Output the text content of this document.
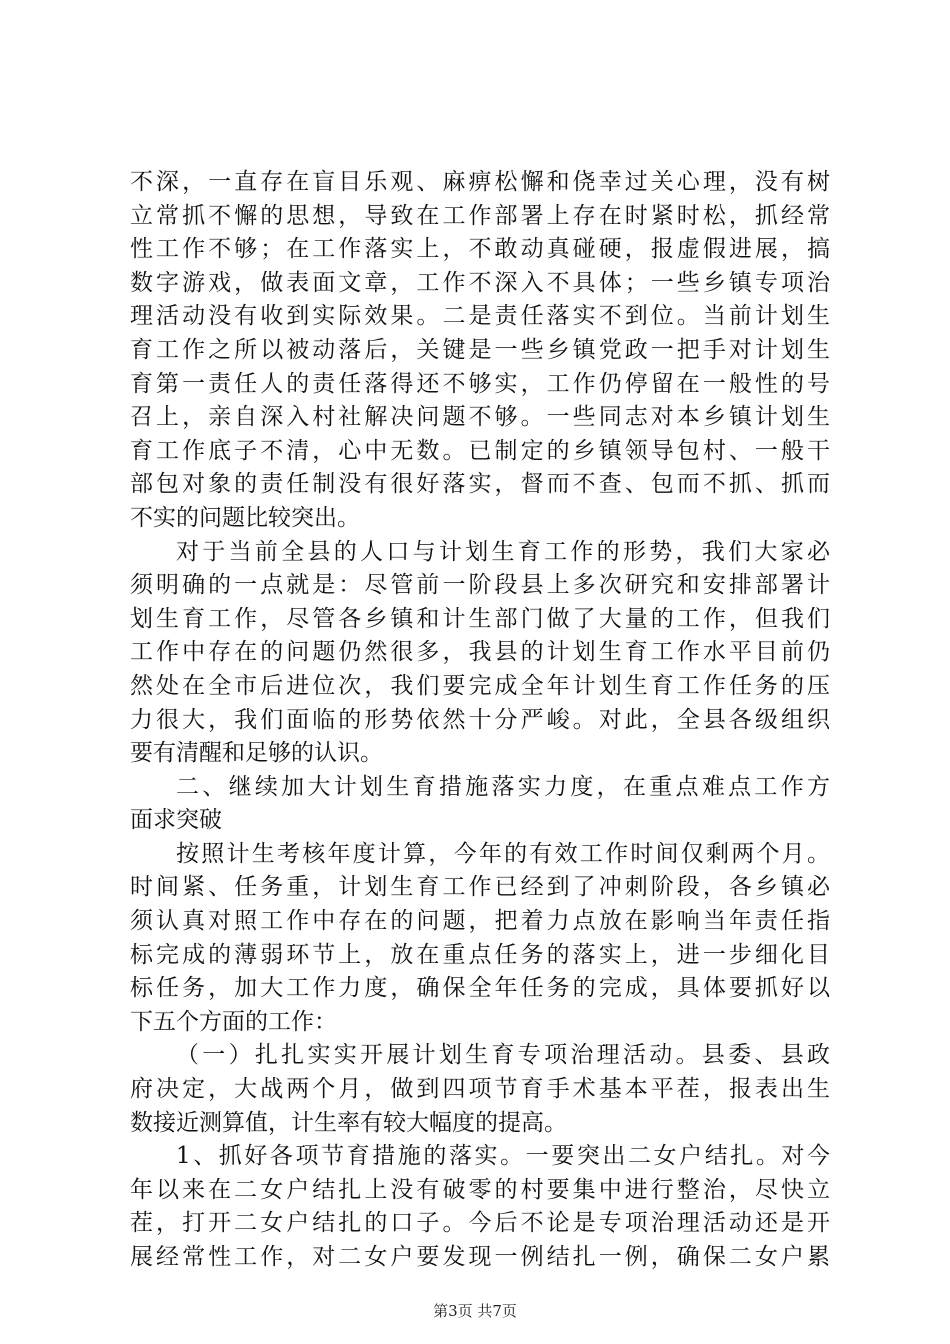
不深，一直存在盲目乐观、麻痹松懈和侥幸过关心理，没有树
立常抓不懈的思想，导致在工作部署上存在时紧时松，抓经常
性工作不够；在工作落实上，不敢动真碰硬，报虚假进展，搞
数字游戏，做表面文章，工作不深入不具体；一些乡镇专项治
理活动没有收到实际效果。二是责任落实不到位。当前计划生
育工作之所以被动落后，关键是一些乡镇党政一把手对计划生
育第一责任人的责任落得还不够实，工作仍停留在一般性的号
召上，亲自深入村社解决问题不够。一些同志对本乡镇计划生
育工作底子不清，心中无数。已制定的乡镇领导包村、一般干
部包对象的责任制没有很好落实，督而不查、包而不抓、抓而
不实的问题比较突出。
对于当前全县的人口与计划生育工作的形势，我们大家必
须明确的一点就是：尽管前一阶段县上多次研究和安排部署计
划生育工作，尽管各乡镇和计生部门做了大量的工作，但我们
工作中存在的问题仍然很多，我县的计划生育工作水平目前仍
然处在全市后进位次，我们要完成全年计划生育工作任务的压
力很大，我们面临的形势依然十分严峻。对此，全县各级组织
要有清醒和足够的认识。
二、继续加大计划生育措施落实力度，在重点难点工作方
面求突破
按照计生考核年度计算，今年的有效工作时间仅剩两个月。
时间紧、任务重，计划生育工作已经到了冲刺阶段，各乡镇必
须认真对照工作中存在的问题，把着力点放在影响当年责任指
标完成的薄弱环节上，放在重点任务的落实上，进一步细化目
标任务，加大工作力度，确保全年任务的完成，具体要抓好以
下五个方面的工作：
（一）扎扎实实开展计划生育专项治理活动。县委、县政
府决定，大战两个月，做到四项节育手术基本平茬，报表出生
数接近测算值，计生率有较大幅度的提高。
1、抓好各项节育措施的落实。一要突出二女户结扎。对今
年以来在二女户结扎上没有破零的村要集中进行整治，尽快立
茬，打开二女户结扎的口子。今后不论是专项治理活动还是开
展经常性工作，对二女户要发现一例结扎一例，确保二女户累
第3页 共7页
